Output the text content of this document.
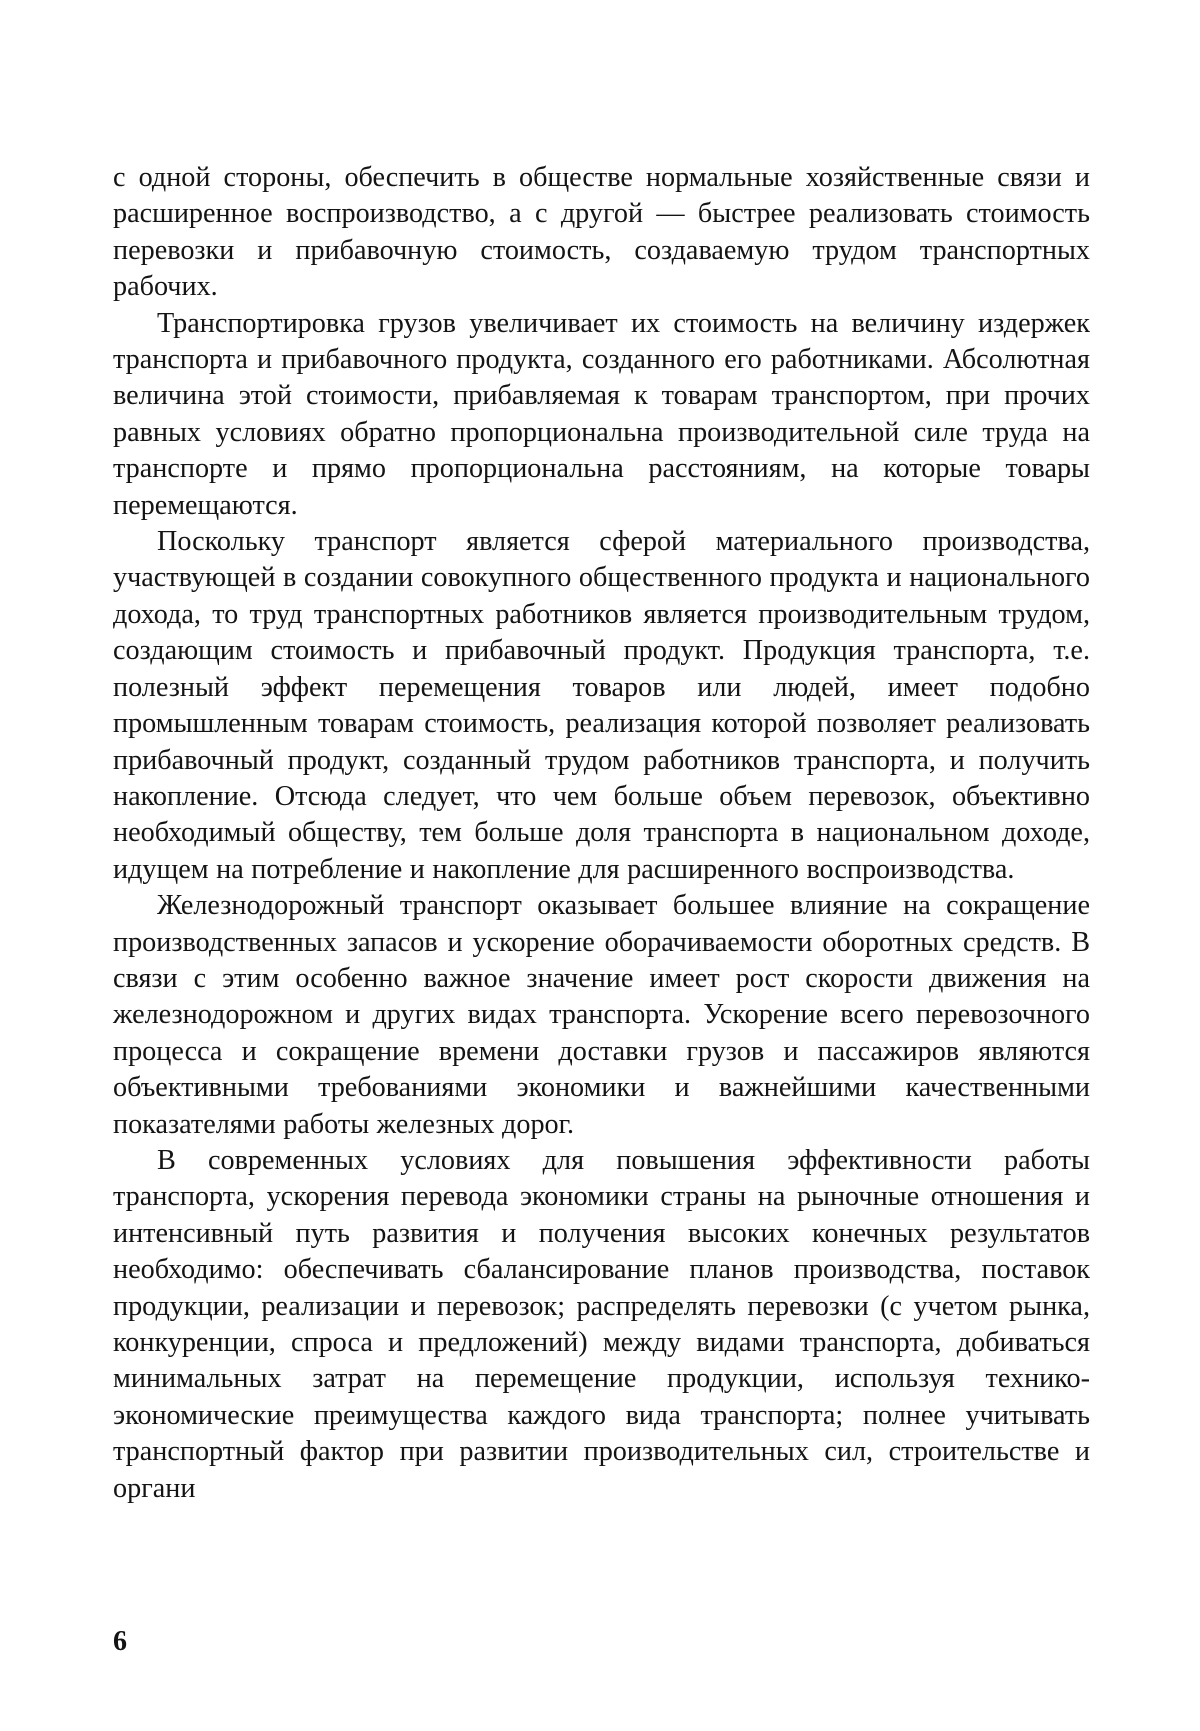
с одной стороны, обеспечить в обществе нормальные хозяйственные связи и расширенное воспроизводство, а с другой — быстрее реализовать стоимость перевозки и прибавочную стоимость, создаваемую трудом транспортных рабочих.

Транспортировка грузов увеличивает их стоимость на величину издержек транспорта и прибавочного продукта, созданного его работниками. Абсолютная величина этой стоимости, прибавляемая к товарам транспортом, при прочих равных условиях обратно пропорциональна производительной силе труда на транспорте и прямо пропорциональна расстояниям, на которые товары перемещаются.

Поскольку транспорт является сферой материального производства, участвующей в создании совокупного общественного продукта и национального дохода, то труд транспортных работников является производительным трудом, создающим стоимость и прибавочный продукт. Продукция транспорта, т.е. полезный эффект перемещения товаров или людей, имеет подобно промышленным товарам стоимость, реализация которой позволяет реализовать прибавочный продукт, созданный трудом работников транспорта, и получить накопление. Отсюда следует, что чем больше объем перевозок, объективно необходимый обществу, тем больше доля транспорта в национальном доходе, идущем на потребление и накопление для расширенного воспроизводства.

Железнодорожный транспорт оказывает большее влияние на сокращение производственных запасов и ускорение оборачиваемости оборотных средств. В связи с этим особенно важное значение имеет рост скорости движения на железнодорожном и других видах транспорта. Ускорение всего перевозочного процесса и сокращение времени доставки грузов и пассажиров являются объективными требованиями экономики и важнейшими качественными показателями работы железных дорог.

В современных условиях для повышения эффективности работы транспорта, ускорения перевода экономики страны на рыночные отношения и интенсивный путь развития и получения высоких конечных результатов необходимо: обеспечивать сбалансирование планов производства, поставок продукции, реализации и перевозок; распределять перевозки (с учетом рынка, конкуренции, спроса и предложений) между видами транспорта, добиваться минимальных затрат на перемещение продукции, используя технико-экономические преимущества каждого вида транспорта; полнее учитывать транспортный фактор при развитии производительных сил, строительстве и органи

6
